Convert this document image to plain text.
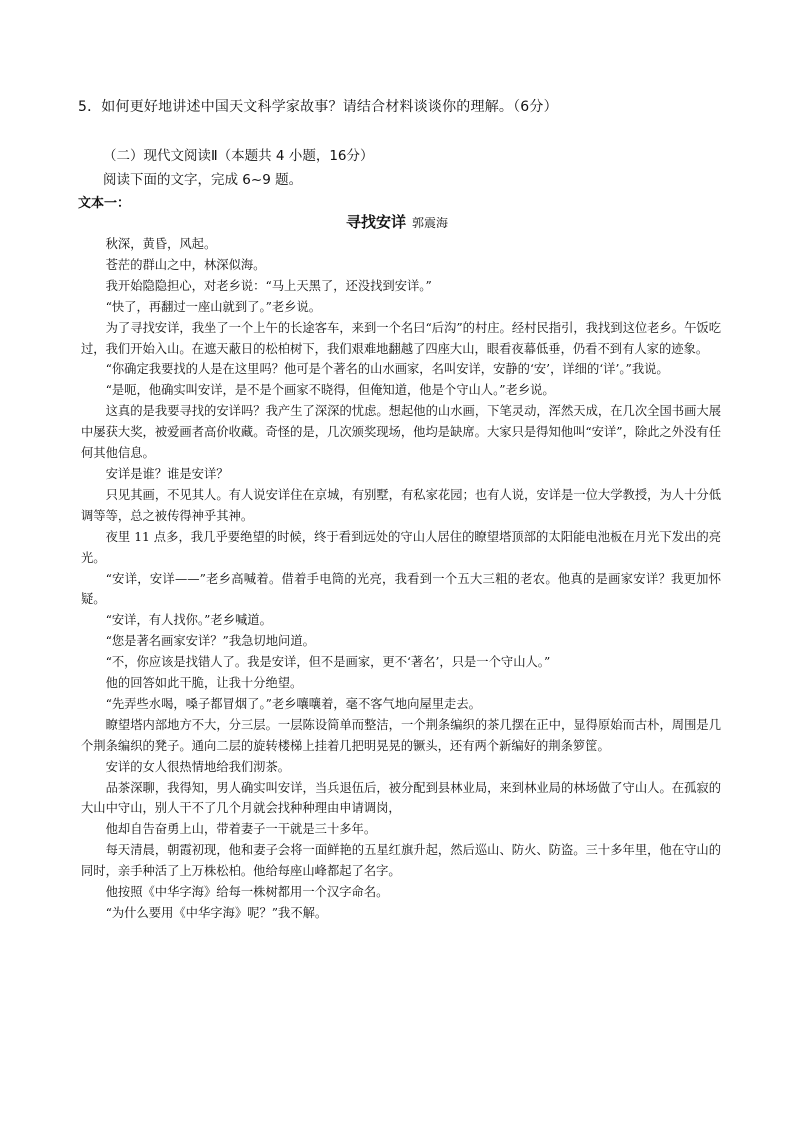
5．如何更好地讲述中国天文科学家故事？请结合材料谈谈你的理解。（6分）
（二）现代文阅读Ⅱ（本题共 4 小题，16分）
阅读下面的文字，完成 6~9 题。
文本一：
寻找安详 郭震海

秋深，黄昏，风起。

苍茫的群山之中，林深似海。

我开始隐隐担心，对老乡说：“马上天黑了，还没找到安详。”

“快了，再翻过一座山就到了。”老乡说。

为了寻找安详，我坐了一个上午的长途客车，来到一个名曰“后沟”的村庄。经村民指引，我找到这位老乡。午饭吃过，我们开始入山。在遮天蔽日的松柏树下，我们艰难地翻越了四座大山，眼看夜幕低垂，仍看不到有人家的迹象。

“你确定我要找的人是在这里吗？他可是个著名的山水画家，名叫安详，安静的‘安’，详细的‘详’。”我说。

“是呃，他确实叫安详，是不是个画家不晓得，但俺知道，他是个守山人。”老乡说。

这真的是我要寻找的安详吗？我产生了深深的忧虑。想起他的山水画，下笔灵动，浑然天成，在几次全国书画大展中屡获大奖，被爱画者高价收藏。奇怪的是，几次颁奖现场，他均是缺席。大家只是得知他叫“安详”，除此之外没有任何其他信息。

安详是谁？谁是安详？

只见其画，不见其人。有人说安详住在京城，有别墅，有私家花园；也有人说，安详是一位大学教授，为人十分低调等等，总之被传得神乎其神。

夜里 11 点多，我几乎要绝望的时候，终于看到远处的守山人居住的瞭望塔顶部的太阳能电池板在月光下发出的亮光。

“安详，安详——”老乡高喊着。借着手电筒的光亮，我看到一个五大三粗的老农。他真的是画家安详？我更加怀疑。

“安详，有人找你。”老乡喊道。

“您是著名画家安详？”我急切地问道。

“不，你应该是找错人了。我是安详，但不是画家，更不‘著名’，只是一个守山人。”

他的回答如此干脆，让我十分绝望。

“先弄些水喝，嗓子都冒烟了。”老乡嚷嚷着，毫不客气地向屋里走去。

瞭望塔内部地方不大，分三层。一层陈设简单而整洁，一个荆条编织的茶几摆在正中，显得原始而古朴，周围是几个荆条编织的凳子。通向二层的旋转楼梯上挂着几把明晃晃的镢头，还有两个新编好的荆条箩筐。

安详的女人很热情地给我们沏茶。

品茶深聊，我得知，男人确实叫安详，当兵退伍后，被分配到县林业局，来到林业局的林场做了守山人。在孤寂的大山中守山，别人干不了几个月就会找种种理由申请调岗，

他却自告奋勇上山，带着妻子一干就是三十多年。

每天清晨，朝霞初现，他和妻子会将一面鲜艳的五星红旗升起，然后巡山、防火、防盗。三十多年里，他在守山的同时，亲手种活了上万株松柏。他给每座山峰都起了名字。

他按照《中华字海》给每一株树都用一个汉字命名。

“为什么要用《中华字海》呢？”我不解。
